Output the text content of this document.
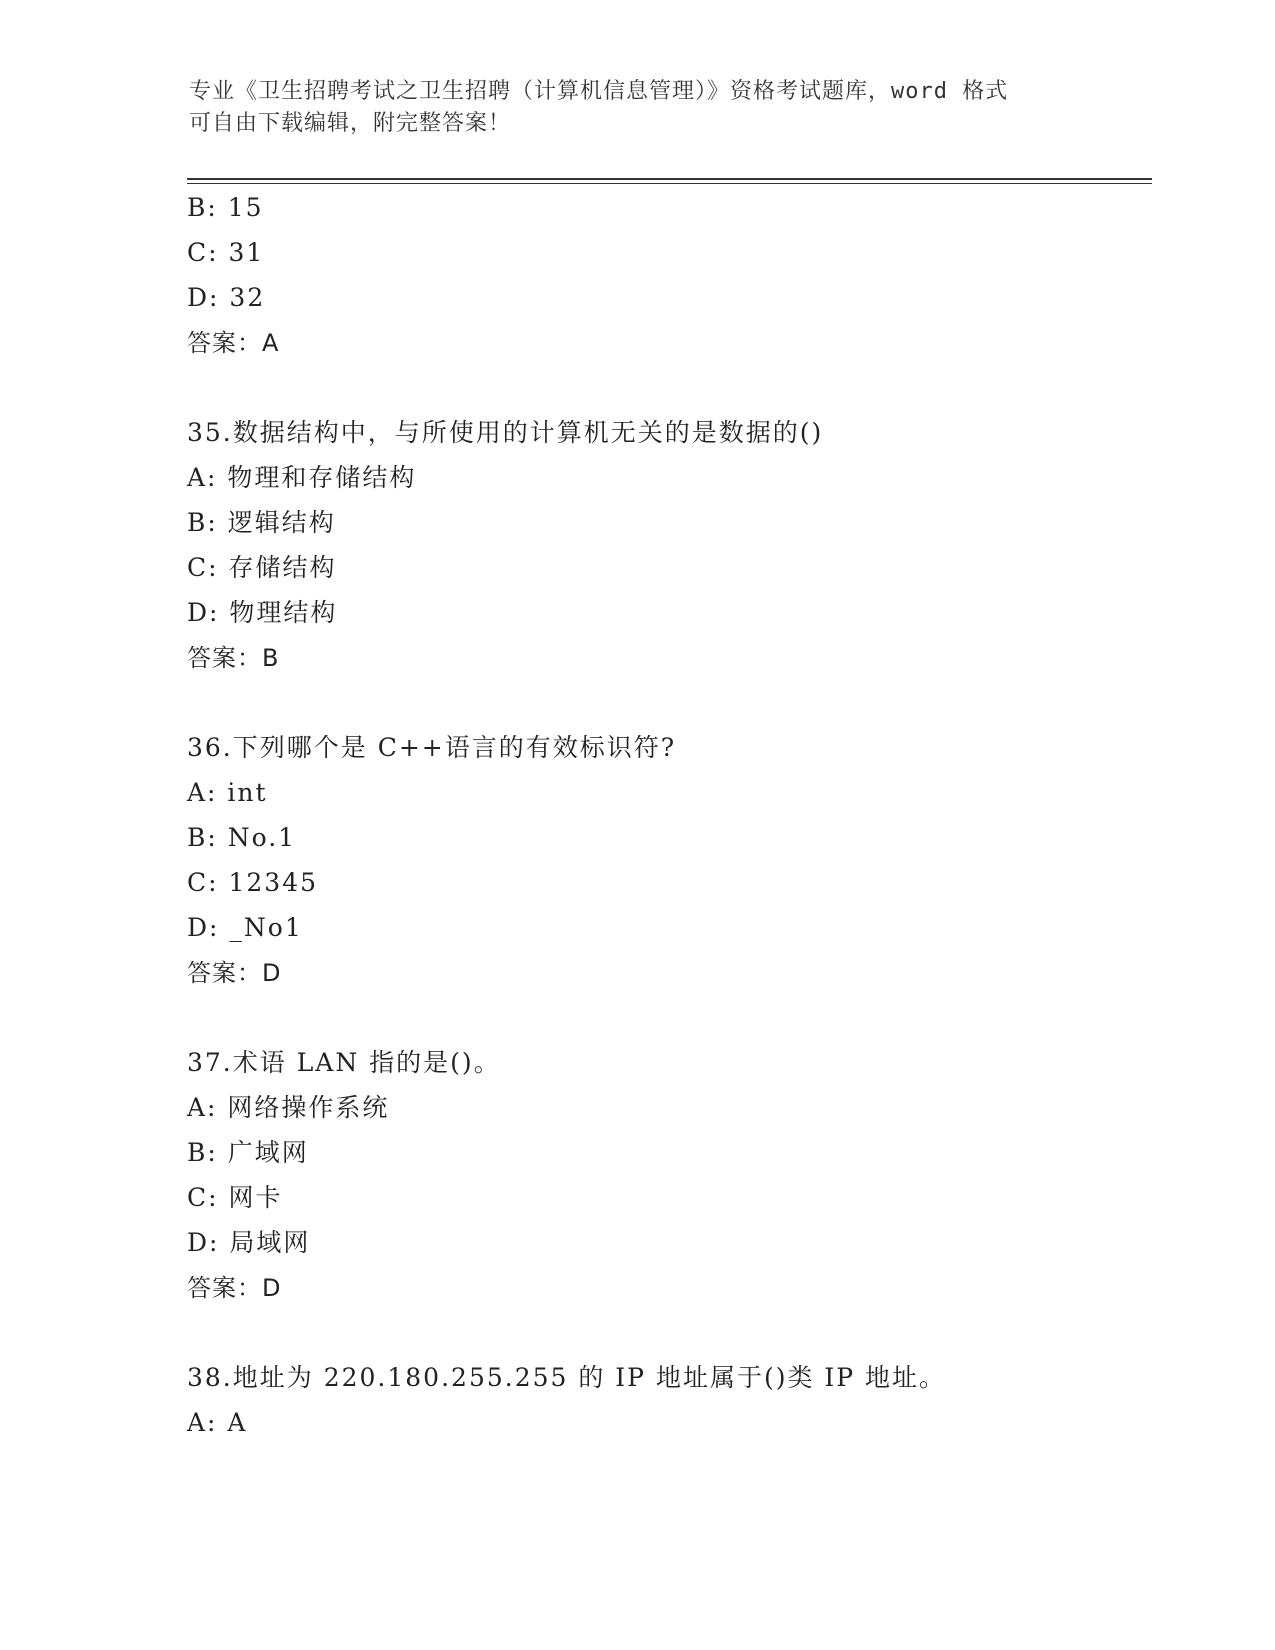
专业《卫生招聘考试之卫生招聘（计算机信息管理）》资格考试题库，word 格式
可自由下载编辑，附完整答案！
B: 15
C: 31
D: 32
答案：A
35.数据结构中，与所使用的计算机无关的是数据的()
A: 物理和存储结构
B: 逻辑结构
C: 存储结构
D: 物理结构
答案：B
36.下列哪个是 C++语言的有效标识符?
A: int
B: No.1
C: 12345
D: _No1
答案：D
37.术语 LAN 指的是()。
A: 网络操作系统
B: 广域网
C: 网卡
D: 局域网
答案：D
38.地址为 220.180.255.255 的 IP 地址属于()类 IP 地址。
A: A
